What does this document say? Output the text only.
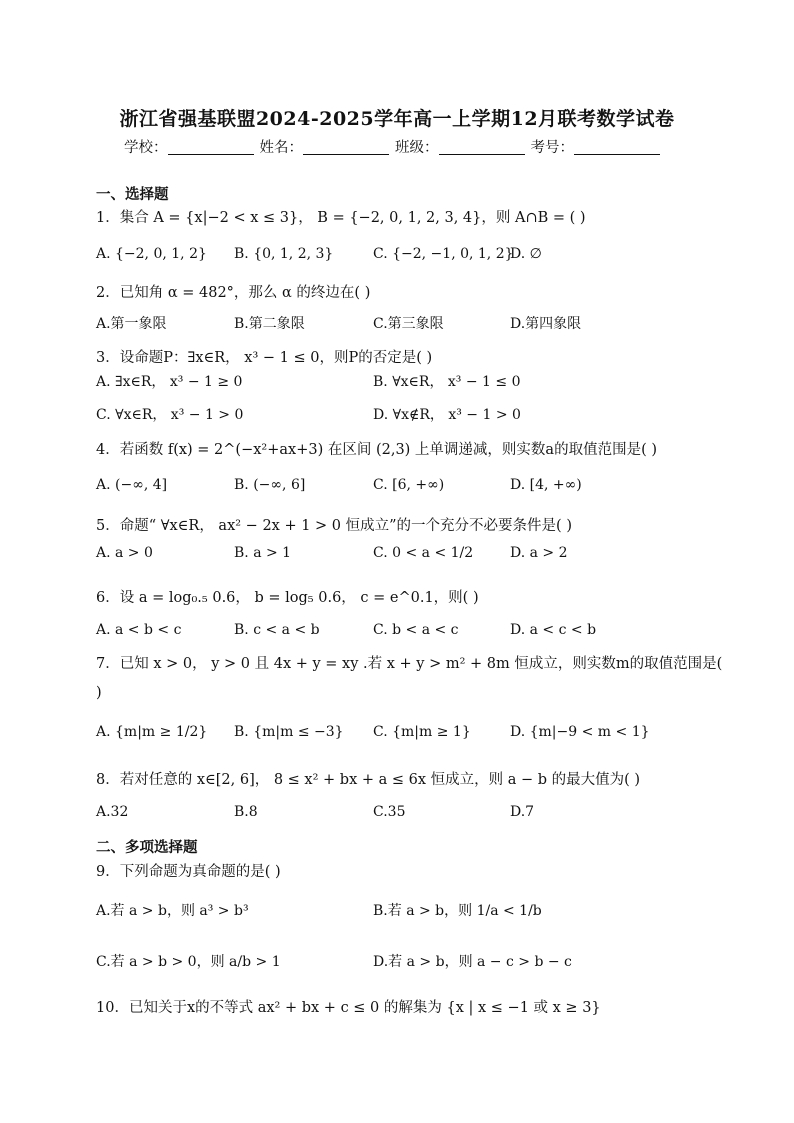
浙江省强基联盟2024-2025学年高一上学期12月联考数学试卷
学校：	姓名：	班级：	考号：
一、选择题
1．集合 A = {x|−2 < x ≤ 3}， B = {−2, 0, 1, 2, 3, 4}，则 A∩B = ( )
A. {−2, 0, 1, 2} B. {0, 1, 2, 3}	C. {−2, −1, 0, 1, 2}
D. ∅
2．已知角 α = 482°，那么 α 的终边在( )
A.第一象限	B.第二象限	C.第三象限	D.第四象限
3．设命题P：∃x∈R， x³ − 1 ≤ 0，则P的否定是( )
A. ∃x∈R， x³ − 1 ≥ 0	B. ∀x∈R， x³ − 1 ≤ 0
C. ∀x∈R， x³ − 1 > 0	D. ∀x∉R， x³ − 1 > 0
4．若函数 f(x) = 2^(−x²+ax+3) 在区间 (2,3) 上单调递减，则实数a的取值范围是( )
A. (−∞, 4]	B. (−∞, 6]	C. [6, +∞)	D. [4, +∞)
5．命题“ ∀x∈R， ax² − 2x + 1 > 0 恒成立”的一个充分不必要条件是( )
A. a > 0	B. a > 1	C. 0 < a < 1/2	D. a > 2
6．设 a = log₀.₅ 0.6， b = log₅ 0.6， c = e^0.1，则( )
A. a < b < c	B. c < a < b	C. b < a < c	D. a < c < b
7．已知 x > 0， y > 0 且 4x + y = xy .若 x + y > m² + 8m 恒成立，则实数m的取值范围是(
)
A. {m|m ≥ 1/2} B. {m|m ≤ −3} C. {m|m ≥ 1}	D. {m|−9 < m < 1}
8．若对任意的 x∈[2, 6]， 8 ≤ x² + bx + a ≤ 6x 恒成立，则 a − b 的最大值为( )
A.32	B.8	C.35	D.7
二、多项选择题
9．下列命题为真命题的是( )
A.若 a > b，则 a³ > b³	B.若 a > b，则 1/a < 1/b
C.若 a > b > 0，则 a/b > 1	D.若 a > b，则 a − c > b − c
10．已知关于x的不等式 ax² + bx + c ≤ 0 的解集为 {x | x ≤ −1 或 x ≥ 3}
